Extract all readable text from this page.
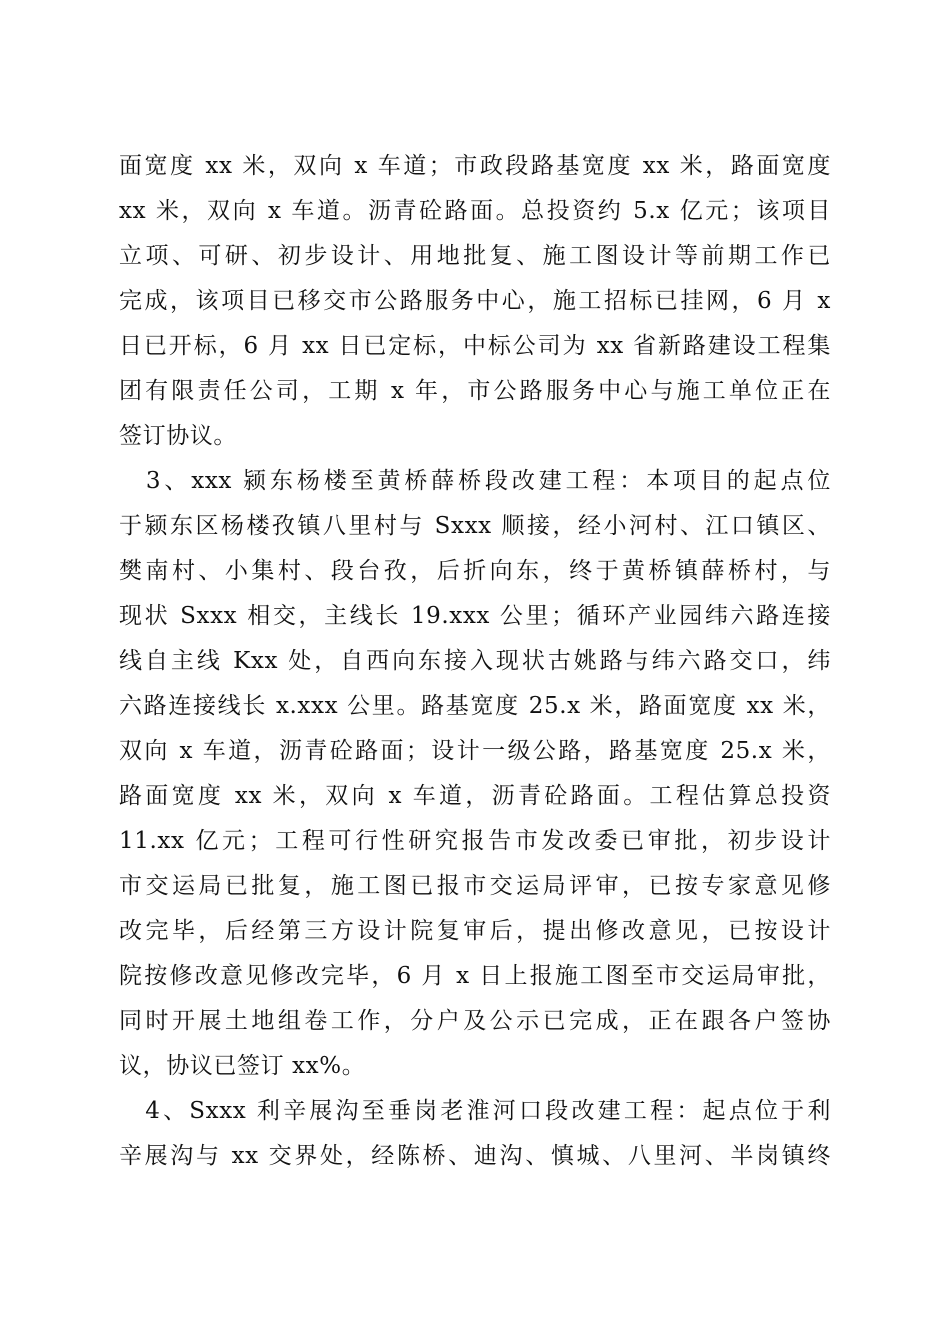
面宽度 xx 米，双向 x 车道；市政段路基宽度 xx 米，路面宽度
xx 米，双向 x 车道。沥青砼路面。总投资约 5.x 亿元；该项目
立项、可研、初步设计、用地批复、施工图设计等前期工作已
完成，该项目已移交市公路服务中心，施工招标已挂网，6 月 x
日已开标，6 月 xx 日已定标，中标公司为 xx 省新路建设工程集
团有限责任公司，工期 x 年，市公路服务中心与施工单位正在
签订协议。
　3、xxx 颍东杨楼至黄桥薛桥段改建工程：本项目的起点位
于颍东区杨楼孜镇八里村与 Sxxx 顺接，经小河村、江口镇区、
樊南村、小集村、段台孜，后折向东，终于黄桥镇薛桥村，与
现状 Sxxx 相交，主线长 19.xxx 公里；循环产业园纬六路连接
线自主线 Kxx 处，自西向东接入现状古姚路与纬六路交口，纬
六路连接线长 x.xxx 公里。路基宽度 25.x 米，路面宽度 xx 米，
双向 x 车道，沥青砼路面；设计一级公路，路基宽度 25.x 米，
路面宽度 xx 米，双向 x 车道，沥青砼路面。工程估算总投资
11.xx 亿元；工程可行性研究报告市发改委已审批，初步设计
市交运局已批复，施工图已报市交运局评审，已按专家意见修
改完毕，后经第三方设计院复审后，提出修改意见，已按设计
院按修改意见修改完毕，6 月 x 日上报施工图至市交运局审批，
同时开展土地组卷工作，分户及公示已完成，正在跟各户签协
议，协议已签订 xx%。
　4、Sxxx 利辛展沟至垂岗老淮河口段改建工程：起点位于利
辛展沟与 xx 交界处，经陈桥、迪沟、慎城、八里河、半岗镇终
